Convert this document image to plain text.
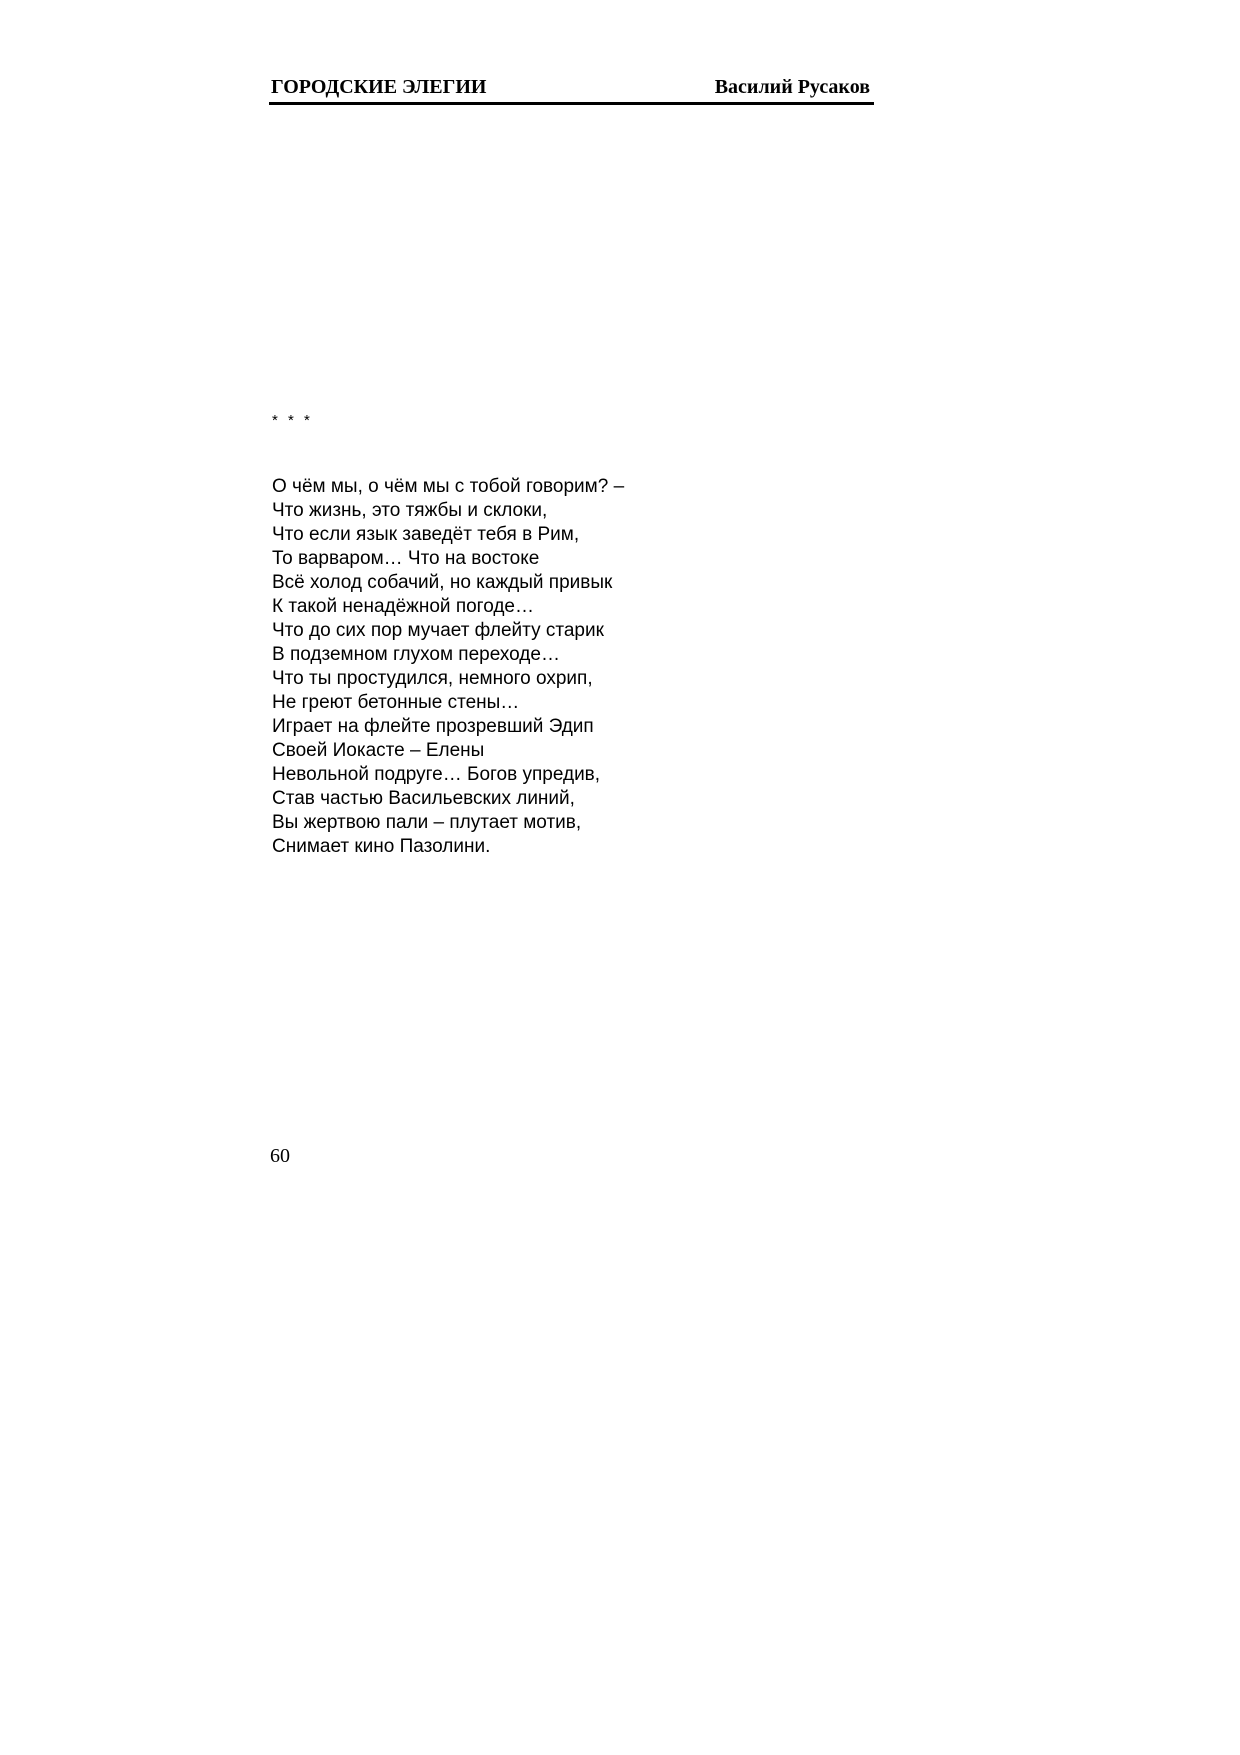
ГОРОДСКИЕ ЭЛЕГИИ	Василий Русаков
* * *
О чём мы, о чём мы с тобой говорим? –
Что жизнь, это тяжбы и склоки,
Что если язык заведёт тебя в Рим,
То варваром… Что на востоке
Всё холод собачий, но каждый привык
К такой ненадёжной погоде…
Что до сих пор мучает флейту старик
В подземном глухом переходе…
Что ты простудился, немного охрип,
Не греют бетонные стены…
Играет на флейте прозревший Эдип
Своей Иокасте – Елены
Невольной подруге… Богов упредив,
Став частью Васильевских линий,
Вы жертвою пали – плутает мотив,
Снимает кино Пазолини.
60
